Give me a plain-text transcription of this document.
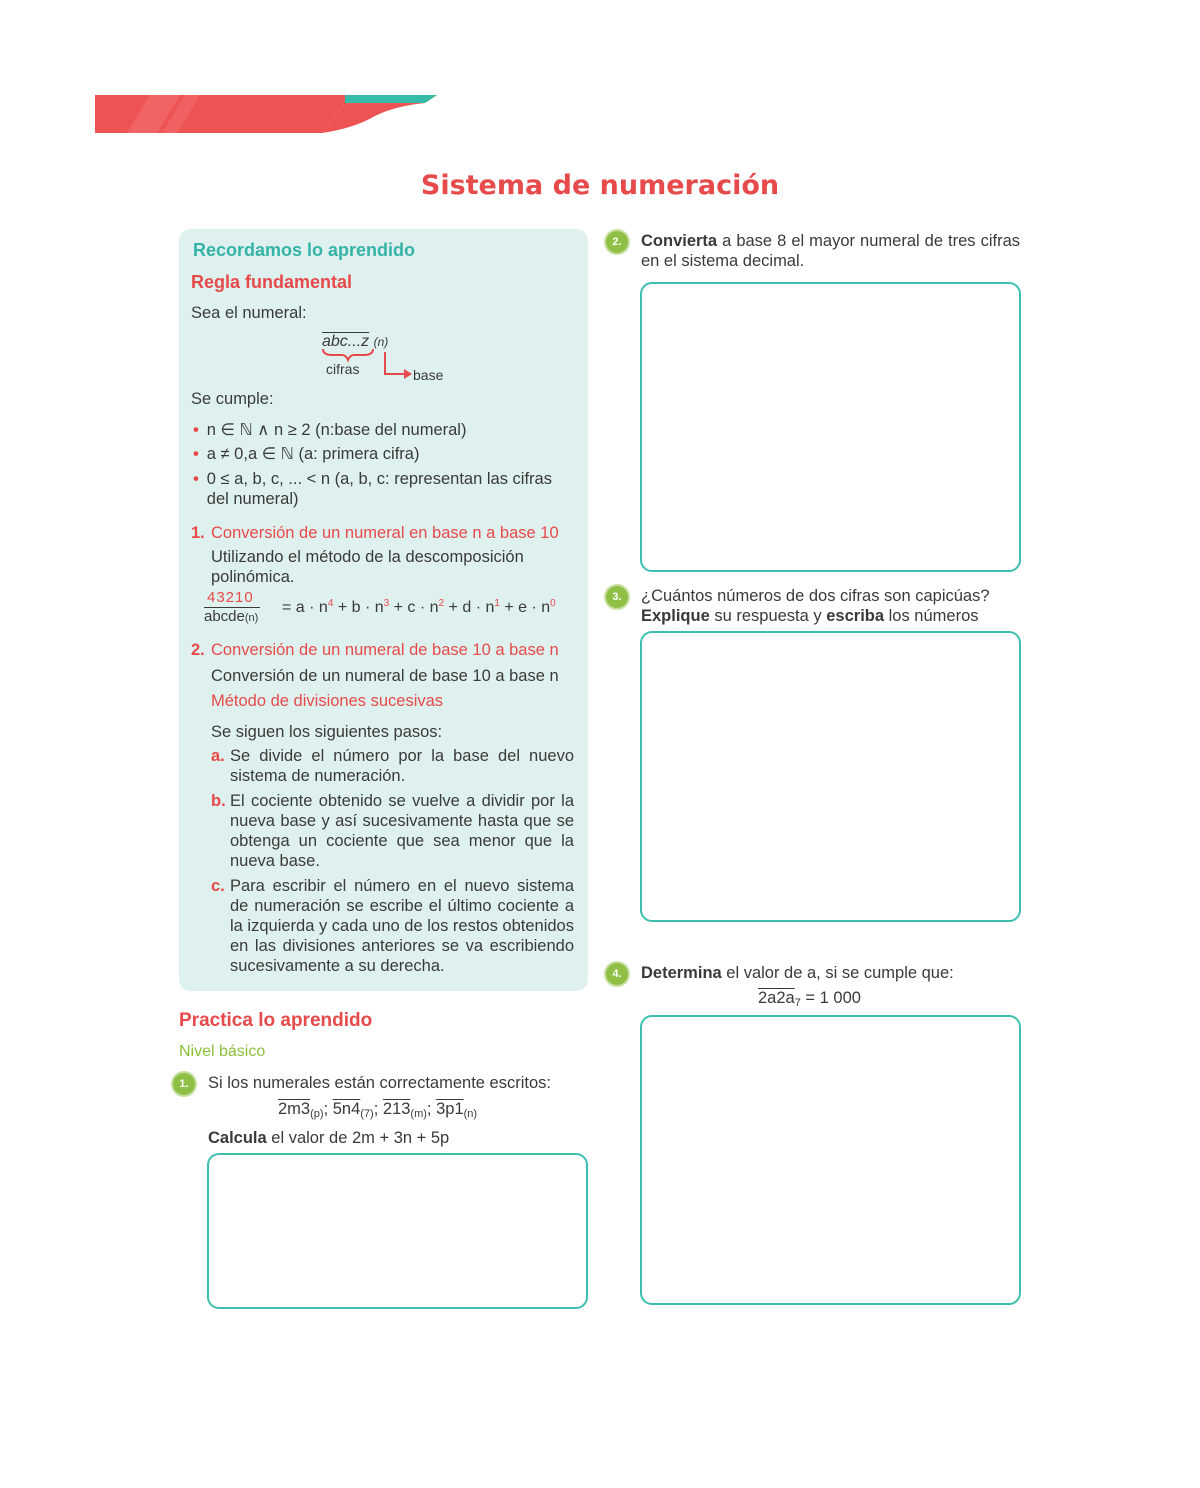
Sistema de numeración
Recordamos lo aprendido
Regla fundamental
Sea el numeral:
abc...z (n)
cifras	base
Se cumple:
• n ∈ ℕ ∧ n ≥ 2 (n:base del numeral)
• a ≠ 0,a ∈ ℕ (a: primera cifra)
• 0 ≤ a, b, c, ... < n (a, b, c: representan las cifras del numeral)
1. Conversión de un numeral en base n a base 10
Utilizando el método de la descomposición polinómica.
43210
abcde(n)
= $a \cdot n^4 + b \cdot n^3 + c \cdot n^2 + d \cdot n^1 + e \cdot n^0$
2. Conversión de un numeral de base 10 a base n
Conversión de un numeral de base 10 a base n
Método de divisiones sucesivas
Se siguen los siguientes pasos:
a. Se divide el número por la base del nuevo sistema de numeración.
b. El cociente obtenido se vuelve a dividir por la nueva base y así sucesivamente hasta que se obtenga un cociente que sea menor que la nueva base.
c. Para escribir el número en el nuevo sistema de numeración se escribe el último cociente a la izquierda y cada uno de los restos obtenidos en las divisiones anteriores se va escribiendo sucesivamente a su derecha.
Practica lo aprendido
Nivel básico
1.	Si los numerales están correctamente escritos:
$2m3_{(p)}$; $5n4_{(7)}$; $213_{(m)}$; $3p1_{(n)}$
Calcula el valor de 2m + 3n + 5p
2.	Convierta a base 8 el mayor numeral de tres cifras en el sistema decimal.
3.	¿Cuántos números de dos cifras son capicúas?
Explique su respuesta y escriba los números
4.	Determina el valor de a, si se cumple que:
$2a2a_7 = 1$ 000
